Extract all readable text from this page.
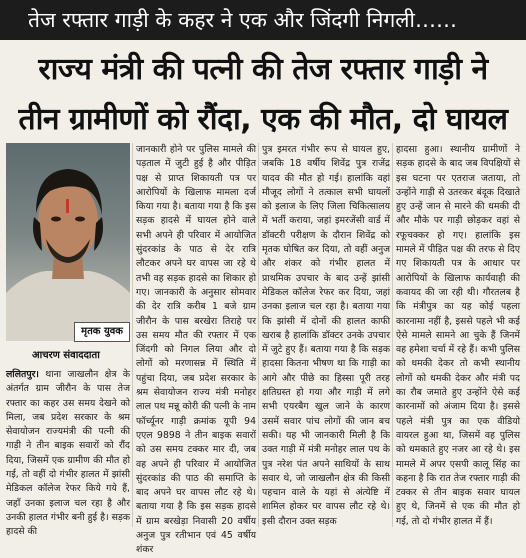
तेज रफ्तार गाड़ी के कहर ने एक और जिंदगी निगली……
राज्य मंत्री की पत्नी की तेज रफ्तार गाड़ी ने
तीन ग्रामीणों को रौंदा, एक की मौत, दो घायल
मृतक युवक
आचरण संवाददाता
ललितपुर। थाना जाखलौन क्षेत्र के अंतर्गत ग्राम जीरौन के पास तेज रफ्तार का कहर उस समय देखने को मिला, जब प्रदेश सरकार के श्रम सेवायोजन राज्यमंत्री की पत्नी की गाड़ी ने तीन बाइक सवारों को रौंद दिया, जिसमें एक ग्रामीण की मौत हो गई, तो वहीं दो गंभीर हालत में झांसी मेडिकल कॉलेज रेफर किये गये हैं, जहाँ उनका इलाज चल रहा है और उनकी हालत गंभीर बनी हुई है। सड़क हादसे की
जानकारी होने पर पुलिस मामले की पड़ताल में जुटी हुई है और पीड़ित पक्ष से प्राप्त शिकायती पत्र पर आरोपियों के खिलाफ मामला दर्ज किया गया है। बताया गया है कि इस सड़क हादसे में घायल होने वाले सभी अपने ही परिवार में आयोजित सुंदरकांड के पाठ से देर रात्रि लौटकर अपने घर वापस जा रहे थे तभी वह सड़क हादसे का शिकार हो गए। जानकारी के अनुसार सोमवार की देर रात्रि करीब 1 बजे ग्राम जीरौन के पास बरखेरा तिराहे पर उस समय मौत की रफ्तार में एक जिंदगी को निगल लिया और दो लोगों को मरणासन्न में स्थिति में पहुंचा दिया, जब प्रदेश सरकार के श्रम सेवायोजन राज्य मंत्री मनोहर लाल पथ मन्नू कोरी की पत्नी के नाम फॉर्च्यूनर गाड़ी क्रमांक यूपी 94 एएल 9898 ने तीन बाइक सवारों को उस समय टक्कर मार दी, जब वह अपने ही परिवार में आयोजित सुंदरकांड की पाठ की समाप्ति के बाद अपने घर वापस लौट रहे थे। बताया गया है कि इस सड़क हादसे में ग्राम बरखेड़ा निवासी 20 वर्षीय अनुज पुत्र रतीभान एवं 45 वर्षीय शंकर
पुत्र इमरत गंभीर रूप से घायल हुए, जबकि 18 वर्षीय शिवेंद्र पुत्र राजेंद्र यादव की मौत हो गई। हालांकि वहां मौजूद लोगों ने तत्काल सभी घायलों को इलाज के लिए जिला चिकित्सालय में भर्ती कराया, जहां इमरजेंसी वार्ड में डॉक्टरी परीक्षण के दौरान शिवेंद्र को मृतक घोषित कर दिया, तो वहीं अनुज और शंकर को गंभीर हालत में प्राथमिक उपचार के बाद उन्हें झांसी मेडिकल कॉलेज रेफर कर दिया, जहां उनका इलाज चल रहा है। बताया गया कि झांसी में दोनों की हालत काफी खराब है हालांकि डॉक्टर उनके उपचार में जुटे हुए हैं। बताया गया है कि सड़क हादसा कितना भीषण था कि गाड़ी का आगे और पीछे का हिस्सा पूरी तरह क्षतिग्रस्त हो गया और गाड़ी में लगे सभी एयरबैग खुल जाने के कारण उसमें सवार पांच लोगों की जान बच सकी। यह भी जानकारी मिली है कि उक्त गाड़ी में मंत्री मनोहर लाल पथ के पुत्र नरेश पंत अपने साथियों के साथ सवार थे, जो जाखलौन क्षेत्र की किसी पहचान वाले के यहां से अंत्येष्टि में शामिल होकर घर वापस लौट रहे थे। इसी दौरान उक्त सड़क
हादसा हुआ। स्थानीय ग्रामीणों ने सड़क हादसे के बाद जब विपक्षियों से इस घटना पर एतराज जताया, तो उन्होंने गाड़ी से उतरकर बंदूक दिखाते हुए उन्हें जान से मारने की धमकी दी और मौके पर गाड़ी छोड़कर वहां से रफूचक्कर हो गए। हालांकि इस मामले में पीड़ित पक्ष की तरफ से दिए गए शिकायती पत्र के आधार पर आरोपियों के खिलाफ कार्यवाही की कवायद की जा रही थी। गौरतलब है कि मंत्रीपुत्र का यह कोई पहला कारनामा नहीं है, इससे पहले भी कई ऐसे मामले सामने आ चुके हैं जिनमें वह हमेशा चर्चा में रहे हैं। कभी पुलिस को धमकी देकर तो कभी स्थानीय लोगों को धमकी देकर और मंत्री पद का रौब जमाते हुए उन्होंने ऐसे कई कारनामों को अंजाम दिया है। इससे पहले मंत्री पुत्र का एक वीडियो वायरल हुआ था, जिसमें वह पुलिस को धमकाते हुए नजर आ रहे थे। इस मामले में अपर एसपी कालू सिंह का कहना है कि रात तेज रफ्तार गाड़ी की टक्कर से तीन बाइक सवार घायल हुए थे, जिनमें से एक की मौत हो गई, तो दो गंभीर हालत में हैं।
